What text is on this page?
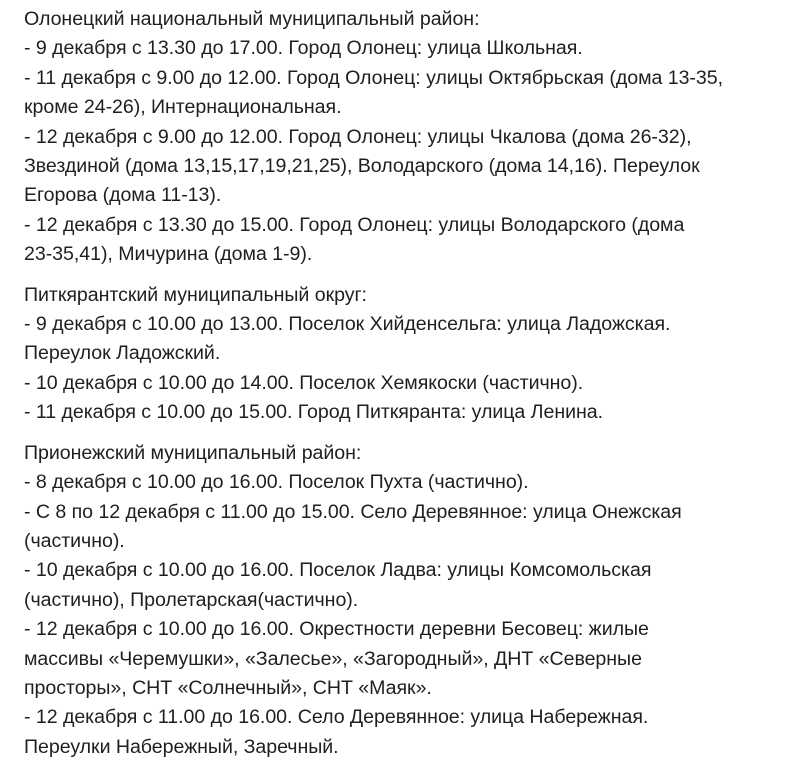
Олонецкий национальный муниципальный район:
- 9 декабря с 13.30 до 17.00. Город Олонец: улица Школьная.
- 11 декабря с 9.00 до 12.00. Город Олонец: улицы Октябрьская (дома 13-35,
кроме 24-26), Интернациональная.
- 12 декабря с 9.00 до 12.00. Город Олонец: улицы Чкалова (дома 26-32),
Звездиной (дома 13,15,17,19,21,25), Володарского (дома 14,16). Переулок
Егорова (дома 11-13).
- 12 декабря с 13.30 до 15.00. Город Олонец: улицы Володарского (дома
23-35,41), Мичурина (дома 1-9).
Питкярантский муниципальный округ:
- 9 декабря с 10.00 до 13.00. Поселок Хийденсельга: улица Ладожская.
Переулок Ладожский.
- 10 декабря с 10.00 до 14.00. Поселок Хемякоски (частично).
- 11 декабря с 10.00 до 15.00. Город Питкяранта: улица Ленина.
Прионежский муниципальный район:
- 8 декабря с 10.00 до 16.00. Поселок Пухта (частично).
- С 8 по 12 декабря с 11.00 до 15.00. Село Деревянное: улица Онежская
(частично).
- 10 декабря с 10.00 до 16.00. Поселок Ладва: улицы Комсомольская
(частично), Пролетарская(частично).
- 12 декабря с 10.00 до 16.00. Окрестности деревни Бесовец: жилые
массивы «Черемушки», «Залесье», «Загородный», ДНТ «Северные
просторы», СНТ «Солнечный», СНТ «Маяк».
- 12 декабря с 11.00 до 16.00. Село Деревянное: улица Набережная.
Переулки Набережный, Заречный.
